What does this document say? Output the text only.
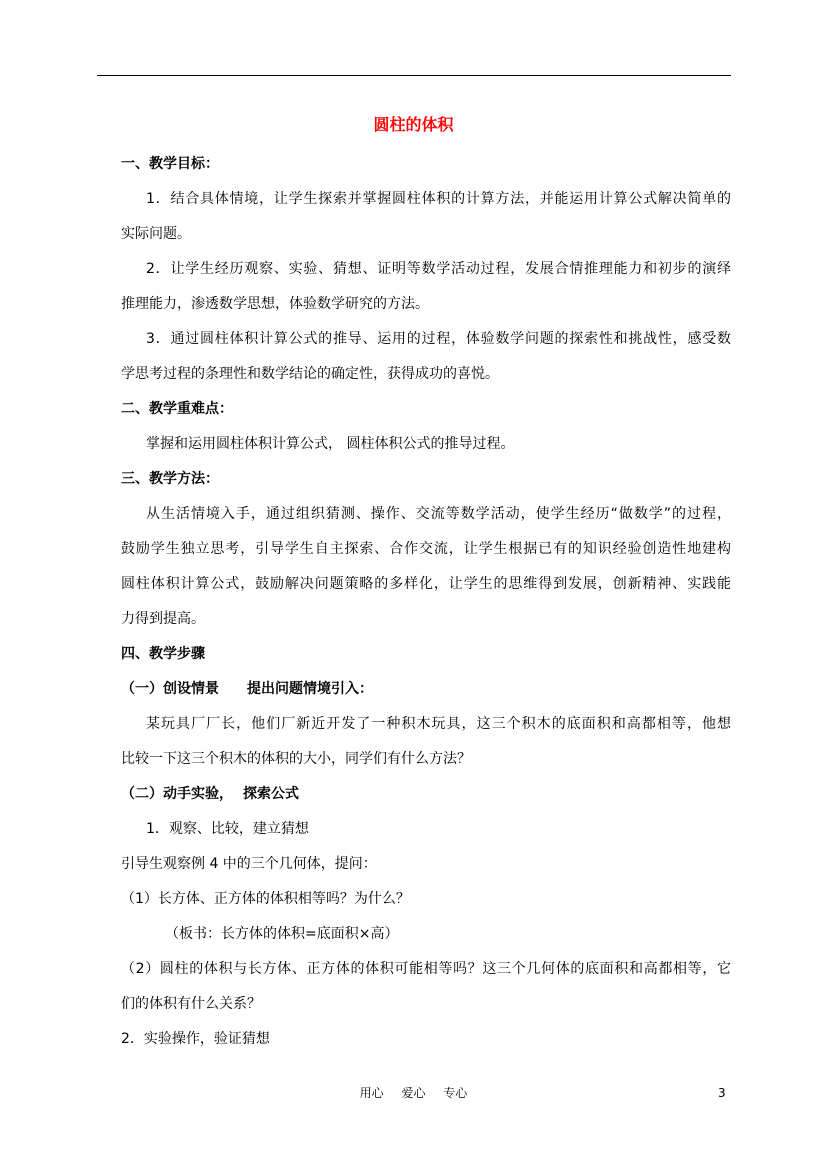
圆柱的体积
一、教学目标：
1．结合具体情境，让学生探索并掌握圆柱体积的计算方法，并能运用计算公式解决简单的
实际问题。
2．让学生经历观察、实验、猜想、证明等数学活动过程，发展合情推理能力和初步的演绎
推理能力，渗透数学思想，体验数学研究的方法。
3．通过圆柱体积计算公式的推导、运用的过程，体验数学问题的探索性和挑战性，感受数
学思考过程的条理性和数学结论的确定性，获得成功的喜悦。
二、教学重难点：
掌握和运用圆柱体积计算公式， 圆柱体积公式的推导过程。
三、教学方法：
从生活情境入手，通过组织猜测、操作、交流等数学活动，使学生经历“做数学”的过程，
鼓励学生独立思考，引导学生自主探索、合作交流，让学生根据已有的知识经验创造性地建构
圆柱体积计算公式，鼓励解决问题策略的多样化，让学生的思维得到发展，创新精神、实践能
力得到提高。
四、教学步骤
（一）创设情景 提出问题情境引入：
某玩具厂厂长，他们厂新近开发了一种积木玩具，这三个积木的底面积和高都相等，他想
比较一下这三个积木的体积的大小，同学们有什么方法？
（二）动手实验， 探索公式
1．观察、比较，建立猜想
引导生观察例 4 中的三个几何体，提问：
（1）长方体、正方体的体积相等吗？为什么？
（板书：长方体的体积=底面积×高）
（2）圆柱的体积与长方体、正方体的体积可能相等吗？这三个几何体的底面积和高都相等，它
们的体积有什么关系？
2．实验操作，验证猜想
用心 爱心 专心	3
